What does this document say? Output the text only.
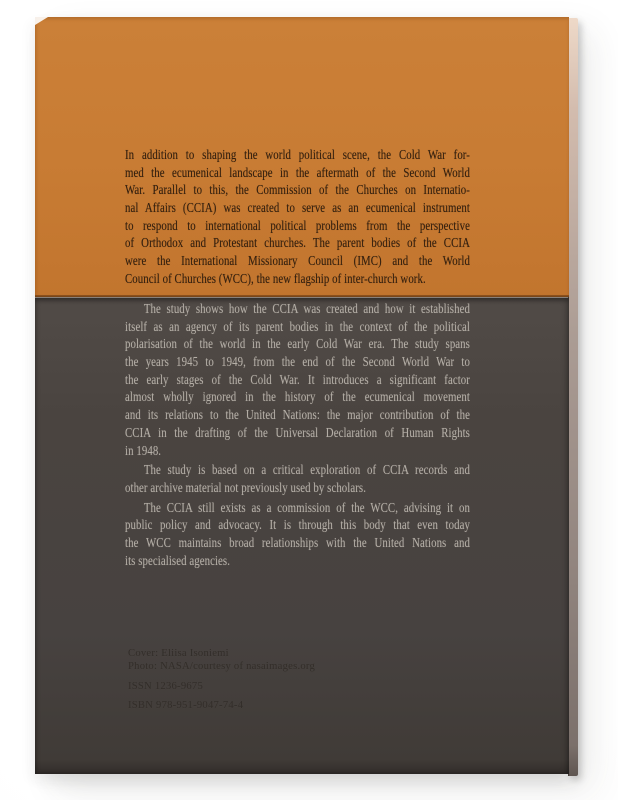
In addition to shaping the world political scene, the Cold War for-
med the ecumenical landscape in the aftermath of the Second World
War. Parallel to this, the Commission of the Churches on Internatio-
nal Affairs (CCIA) was created to serve as an ecumenical instrument
to respond to international political problems from the perspective
of Orthodox and Protestant churches. The parent bodies of the CCIA
were the International Missionary Council (IMC) and the World
Council of Churches (WCC), the new flagship of inter-church work.
The study shows how the CCIA was created and how it established
itself as an agency of its parent bodies in the context of the political
polarisation of the world in the early Cold War era. The study spans
the years 1945 to 1949, from the end of the Second World War to
the early stages of the Cold War. It introduces a significant factor
almost wholly ignored in the history of the ecumenical movement
and its relations to the United Nations: the major contribution of the
CCIA in the drafting of the Universal Declaration of Human Rights
in 1948.
The study is based on a critical exploration of CCIA records and
other archive material not previously used by scholars.
The CCIA still exists as a commission of the WCC, advising it on
public policy and advocacy. It is through this body that even today
the WCC maintains broad relationships with the United Nations and
its specialised agencies.
Cover: Eliisa Isoniemi
Photo: NASA/courtesy of nasaimages.org
ISSN 1236-9675
ISBN 978-951-9047-74-4
